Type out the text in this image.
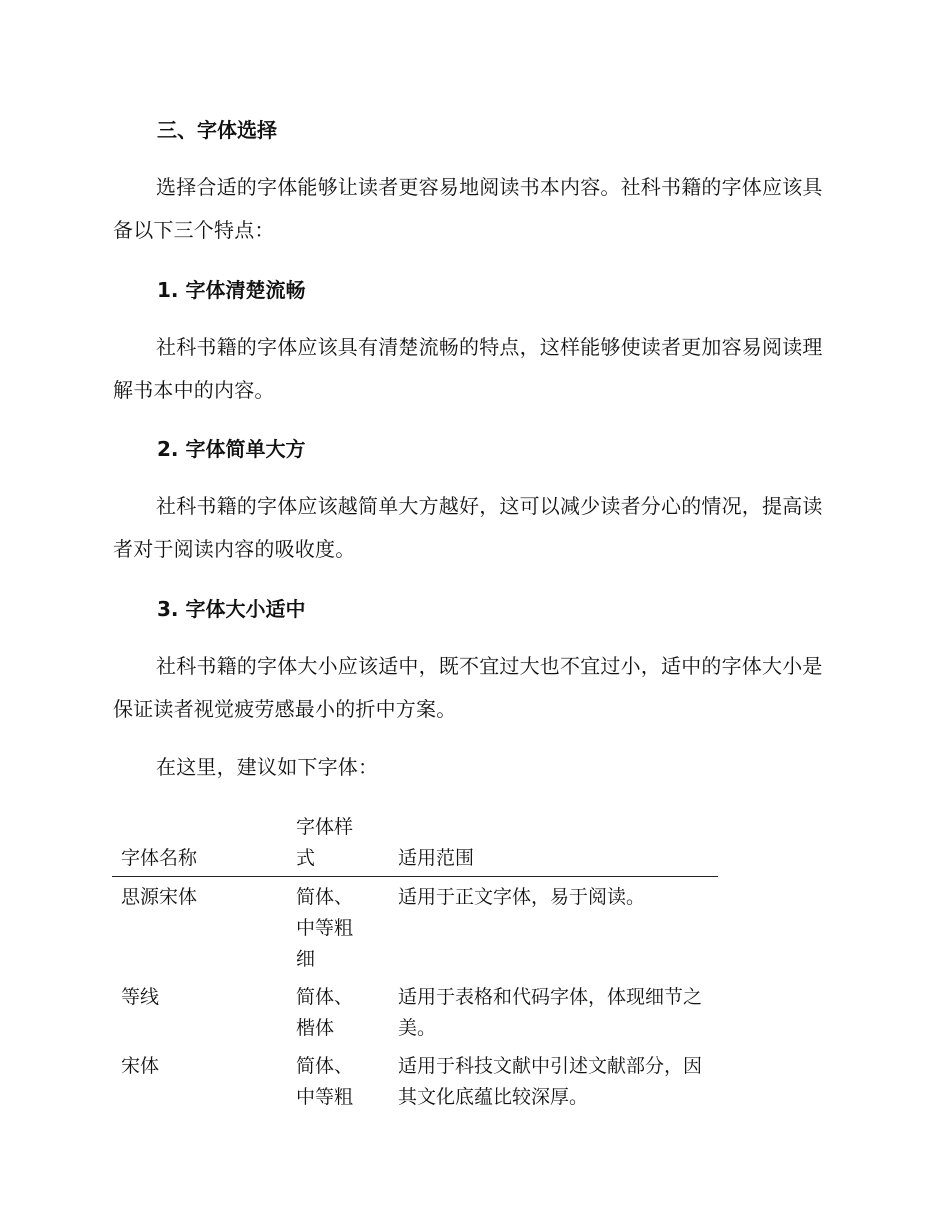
三、字体选择
选择合适的字体能够让读者更容易地阅读书本内容。社科书籍的字体应该具备以下三个特点：
1. 字体清楚流畅
社科书籍的字体应该具有清楚流畅的特点，这样能够使读者更加容易阅读理解书本中的内容。
2. 字体简单大方
社科书籍的字体应该越简单大方越好，这可以减少读者分心的情况，提高读者对于阅读内容的吸收度。
3. 字体大小适中
社科书籍的字体大小应该适中，既不宜过大也不宜过小，适中的字体大小是保证读者视觉疲劳感最小的折中方案。
在这里，建议如下字体：
字体名称	字体样式	适用范围
思源宋体	简体、中等粗细	适用于正文字体，易于阅读。

等线	简体、楷体	适用于表格和代码字体，体现细节之美。

宋体	简体、中等粗	适用于科技文献中引述文献部分，因其文化底蕴比较深厚。
